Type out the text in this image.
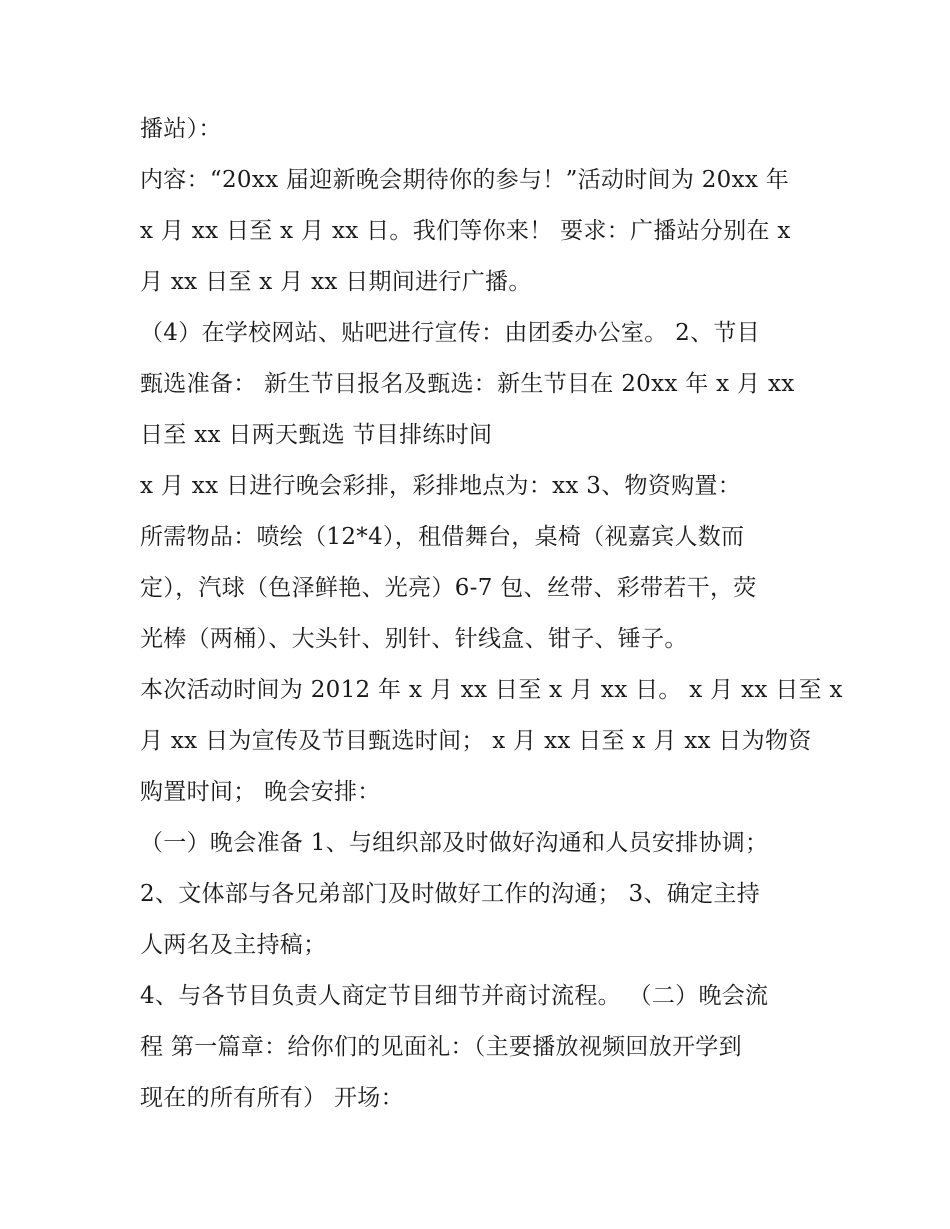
播站）：
内容：“20xx 届迎新晚会期待你的参与！”活动时间为 20xx 年
x 月 xx 日至 x 月 xx 日。我们等你来！ 要求：广播站分别在 x
月 xx 日至 x 月 xx 日期间进行广播。
（4）在学校网站、贴吧进行宣传：由团委办公室。 2、节目
甄选准备： 新生节目报名及甄选：新生节目在 20xx 年 x 月 xx
日至 xx 日两天甄选 节目排练时间
x 月 xx 日进行晚会彩排，彩排地点为：xx 3、物资购置：
所需物品：喷绘（12*4），租借舞台，桌椅（视嘉宾人数而
定），汽球（色泽鲜艳、光亮）6-7 包、丝带、彩带若干，荧
光棒（两桶）、大头针、别针、针线盒、钳子、锤子。
本次活动时间为 2012 年 x 月 xx 日至 x 月 xx 日。 x 月 xx 日至 x
月 xx 日为宣传及节目甄选时间； x 月 xx 日至 x 月 xx 日为物资
购置时间； 晚会安排：
（一）晚会准备 1、与组织部及时做好沟通和人员安排协调；
2、文体部与各兄弟部门及时做好工作的沟通； 3、确定主持
人两名及主持稿；
4、与各节目负责人商定节目细节并商讨流程。 （二）晚会流
程 第一篇章：给你们的见面礼：（主要播放视频回放开学到
现在的所有所有） 开场：
